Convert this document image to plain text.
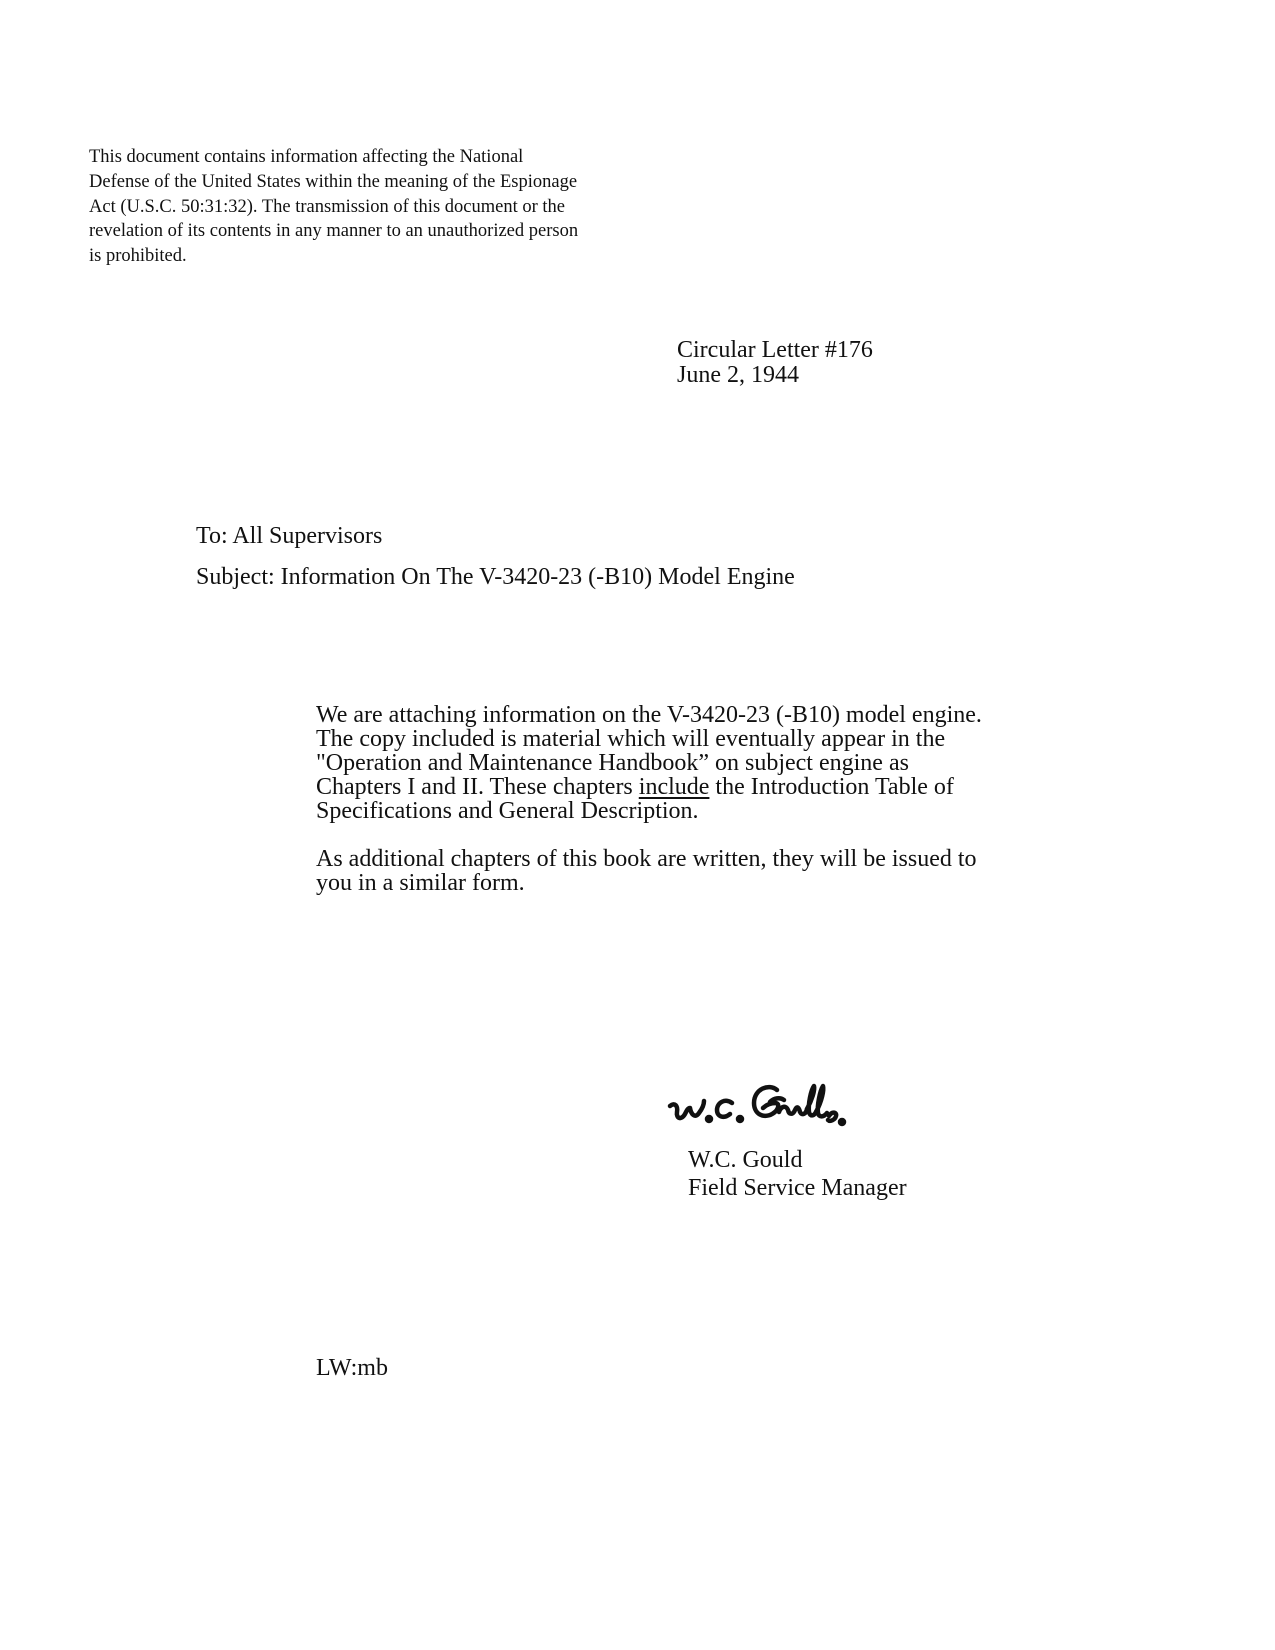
This document contains information affecting the National
Defense of the United States within the meaning of the Espionage
Act (U.S.C. 50:31:32). The transmission of this document or the
revelation of its contents in any manner to an unauthorized person
is prohibited.
Circular Letter #176
June 2, 1944
To: All Supervisors
Subject: Information On The V-3420-23 (-B10) Model Engine
We are attaching information on the V-3420-23 (-B10) model engine.
The copy included is material which will eventually appear in the
"Operation and Maintenance Handbook” on subject engine as
Chapters I and II. These chapters include the Introduction Table of
Specifications and General Description.
As additional chapters of this book are written, they will be issued to
you in a similar form.
W.C. Gould
Field Service Manager
LW:mb
